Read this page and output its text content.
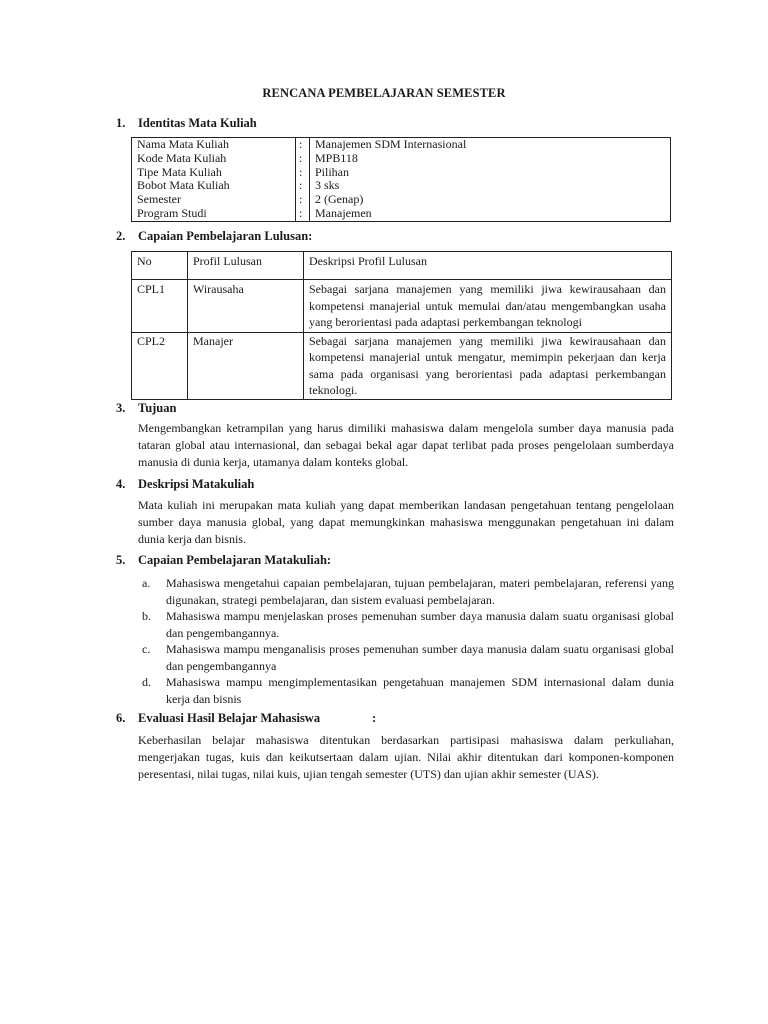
RENCANA PEMBELAJARAN SEMESTER
1. Identitas Mata Kuliah
Nama Mata Kuliah	:	Manajemen SDM Internasional
Kode Mata Kuliah	:	MPB118
Tipe Mata Kuliah	:	Pilihan
Bobot Mata Kuliah	:	3 sks
Semester	:	2 (Genap)
Program Studi	:	Manajemen
2. Capaian Pembelajaran Lulusan:
No	Profil Lulusan	Deskripsi Profil Lulusan
CPL1	Wirausaha	Sebagai sarjana manajemen yang memiliki jiwa kewirausahaan dan kompetensi manajerial untuk memulai dan/atau mengembangkan usaha yang berorientasi pada adaptasi perkembangan teknologi
CPL2	Manajer	Sebagai sarjana manajemen yang memiliki jiwa kewirausahaan dan kompetensi manajerial untuk mengatur, memimpin pekerjaan dan kerja sama pada organisasi yang berorientasi pada adaptasi perkembangan teknologi.
3. Tujuan
Mengembangkan ketrampilan yang harus dimiliki mahasiswa dalam mengelola sumber daya manusia pada tataran global atau internasional, dan sebagai bekal agar dapat terlibat pada proses pengelolaan sumberdaya manusia di dunia kerja, utamanya dalam konteks global.
4. Deskripsi Matakuliah
Mata kuliah ini merupakan mata kuliah yang dapat memberikan landasan pengetahuan tentang pengelolaan sumber daya manusia global, yang dapat memungkinkan mahasiswa menggunakan pengetahuan ini dalam dunia kerja dan bisnis.
5. Capaian Pembelajaran Matakuliah:
a.	Mahasiswa mengetahui capaian pembelajaran, tujuan pembelajaran, materi pembelajaran, referensi yang digunakan, strategi pembelajaran, dan sistem evaluasi pembelajaran.
b.	Mahasiswa mampu menjelaskan proses pemenuhan sumber daya manusia dalam suatu organisasi global dan pengembangannya.
c.	Mahasiswa mampu menganalisis proses pemenuhan sumber daya manusia dalam suatu organisasi global dan pengembangannya
d.	Mahasiswa mampu mengimplementasikan pengetahuan manajemen SDM internasional dalam dunia kerja dan bisnis
6. Evaluasi Hasil Belajar Mahasiswa	:
Keberhasilan belajar mahasiswa ditentukan berdasarkan partisipasi mahasiswa dalam perkuliahan, mengerjakan tugas, kuis dan keikutsertaan dalam ujian. Nilai akhir ditentukan dari komponen-komponen peresentasi, nilai tugas, nilai kuis, ujian tengah semester (UTS) dan ujian akhir semester (UAS).
